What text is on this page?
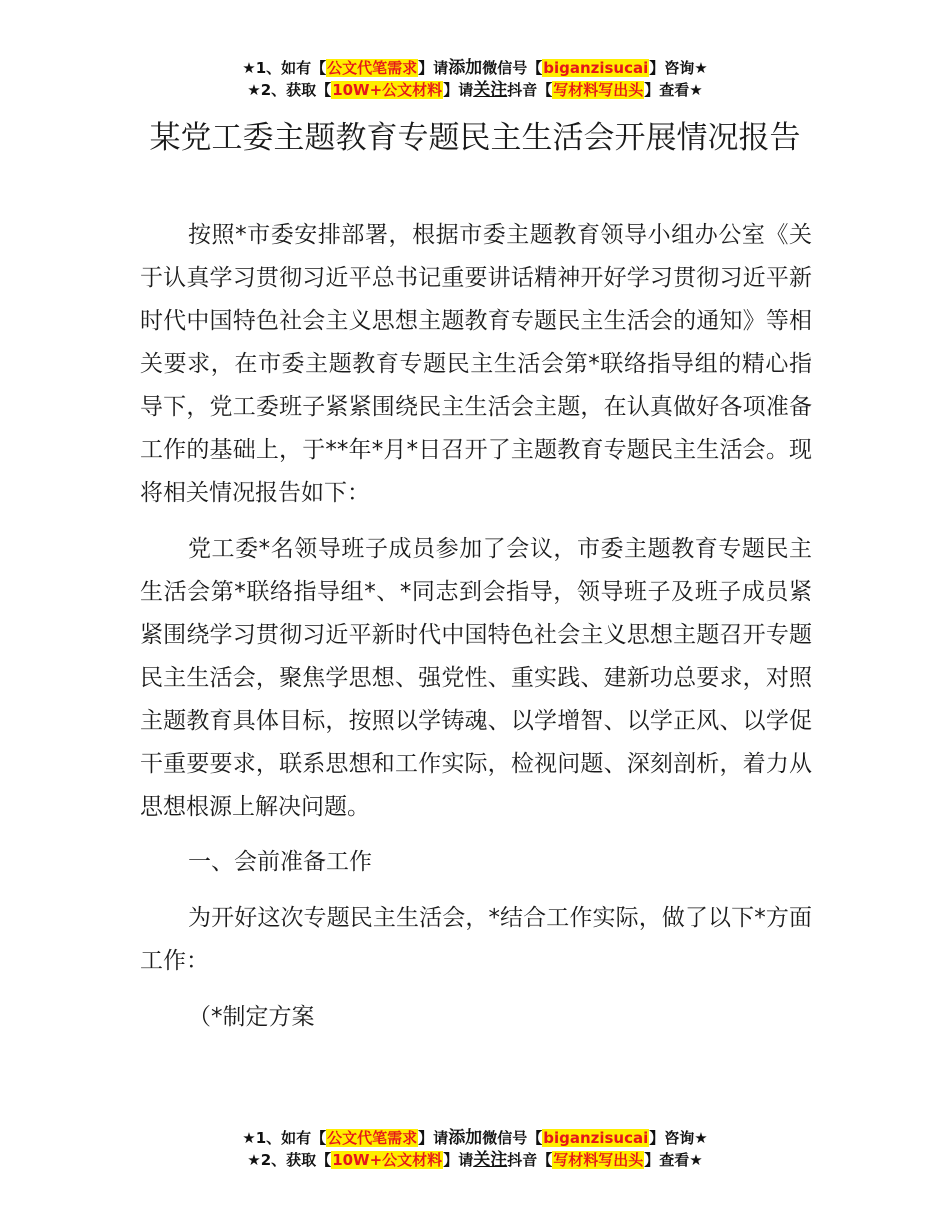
★1、如有【公文代笔需求】请添加微信号【biganzisucai】咨询★
★2、获取【10W+公文材料】请关注抖音【写材料写出头】查看★
某党工委主题教育专题民主生活会开展情况报告

按照*市委安排部署，根据市委主题教育领导小组办公室《关于认真学习贯彻习近平总书记重要讲话精神开好学习贯彻习近平新时代中国特色社会主义思想主题教育专题民主生活会的通知》等相关要求，在市委主题教育专题民主生活会第*联络指导组的精心指导下，党工委班子紧紧围绕民主生活会主题，在认真做好各项准备工作的基础上，于**年*月*日召开了主题教育专题民主生活会。现将相关情况报告如下：

党工委*名领导班子成员参加了会议，市委主题教育专题民主生活会第*联络指导组*、*同志到会指导，领导班子及班子成员紧紧围绕学习贯彻习近平新时代中国特色社会主义思想主题召开专题民主生活会，聚焦学思想、强党性、重实践、建新功总要求，对照主题教育具体目标，按照以学铸魂、以学增智、以学正风、以学促干重要要求，联系思想和工作实际，检视问题、深刻剖析，着力从思想根源上解决问题。

一、会前准备工作

为开好这次专题民主生活会，*结合工作实际，做了以下*方面工作：

（*制定方案

★1、如有【公文代笔需求】请添加微信号【biganzisucai】咨询★
★2、获取【10W+公文材料】请关注抖音【写材料写出头】查看★
